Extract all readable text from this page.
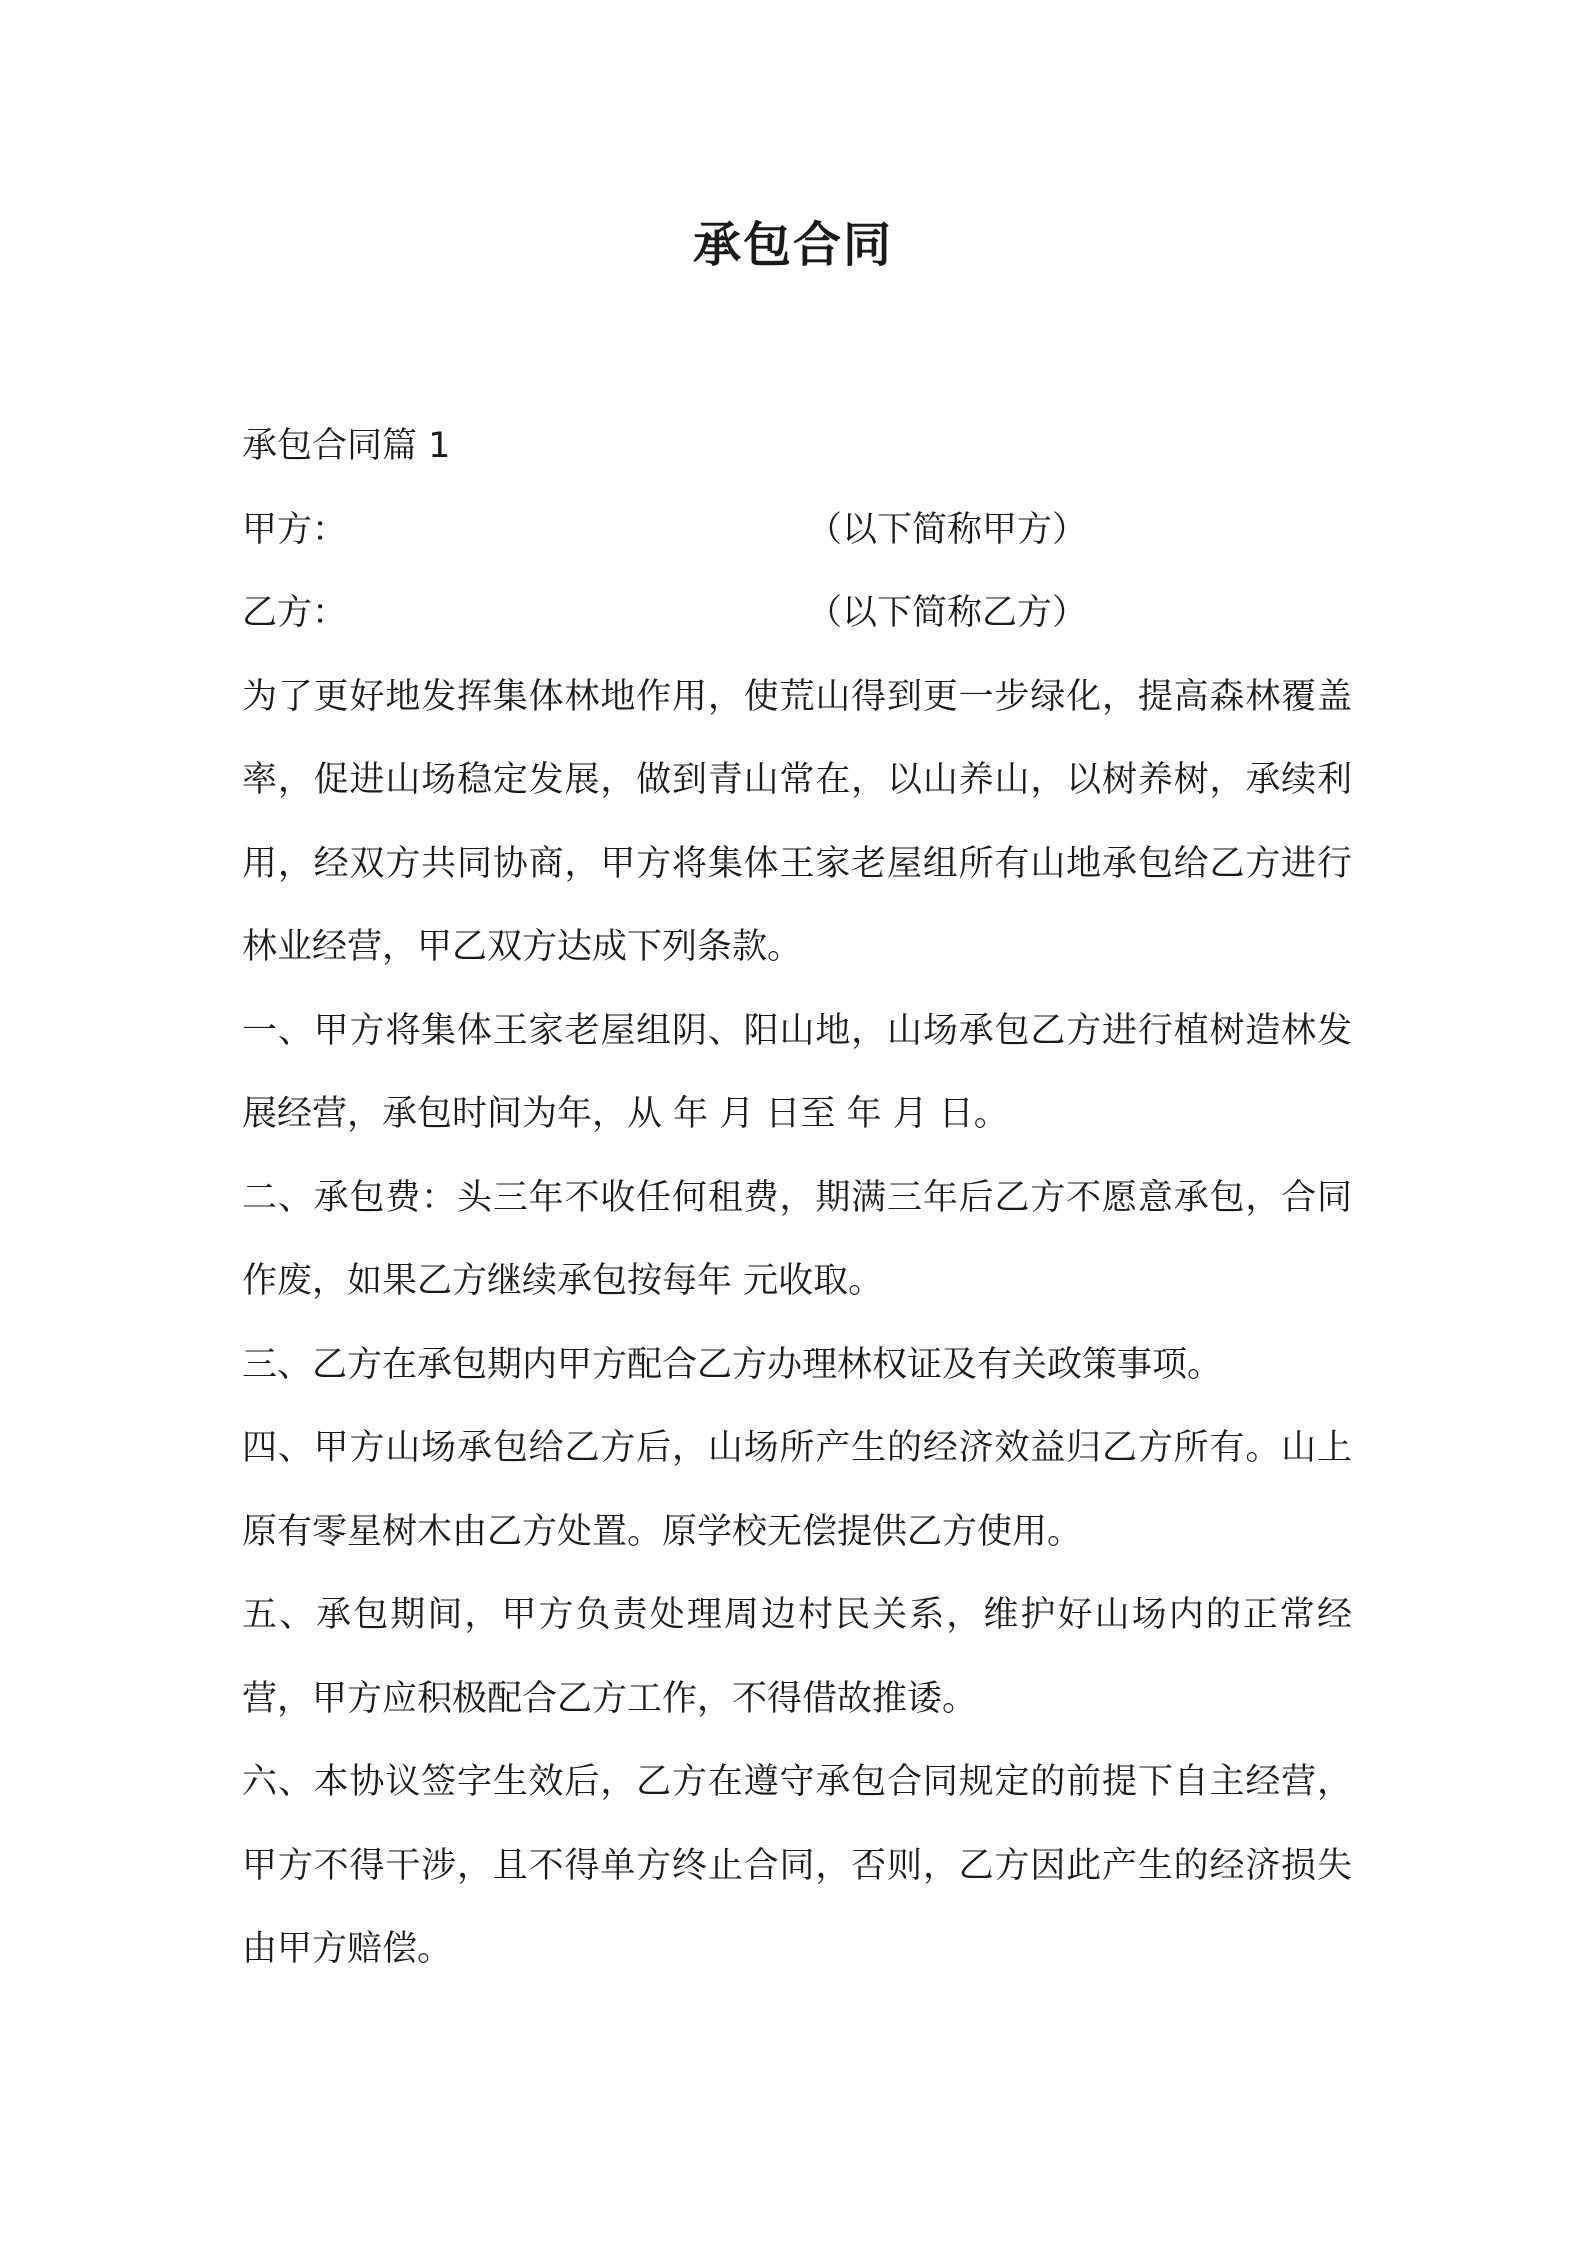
承包合同
承包合同篇 1
甲方：	（以下简称甲方）
乙方：	（以下简称乙方）
为了更好地发挥集体林地作用，使荒山得到更一步绿化，提高森林覆盖率，促进山场稳定发展，做到青山常在，以山养山，以树养树，承续利用，经双方共同协商，甲方将集体王家老屋组所有山地承包给乙方进行林业经营，甲乙双方达成下列条款。
一、甲方将集体王家老屋组阴、阳山地，山场承包乙方进行植树造林发展经营，承包时间为年，从 年 月 日至 年 月 日。
二、承包费：头三年不收任何租费，期满三年后乙方不愿意承包，合同作废，如果乙方继续承包按每年 元收取。
三、乙方在承包期内甲方配合乙方办理林权证及有关政策事项。
四、甲方山场承包给乙方后，山场所产生的经济效益归乙方所有。山上原有零星树木由乙方处置。原学校无偿提供乙方使用。
五、承包期间，甲方负责处理周边村民关系，维护好山场内的正常经营，甲方应积极配合乙方工作，不得借故推诿。
六、本协议签字生效后，乙方在遵守承包合同规定的前提下自主经营，甲方不得干涉，且不得单方终止合同，否则，乙方因此产生的经济损失由甲方赔偿。
